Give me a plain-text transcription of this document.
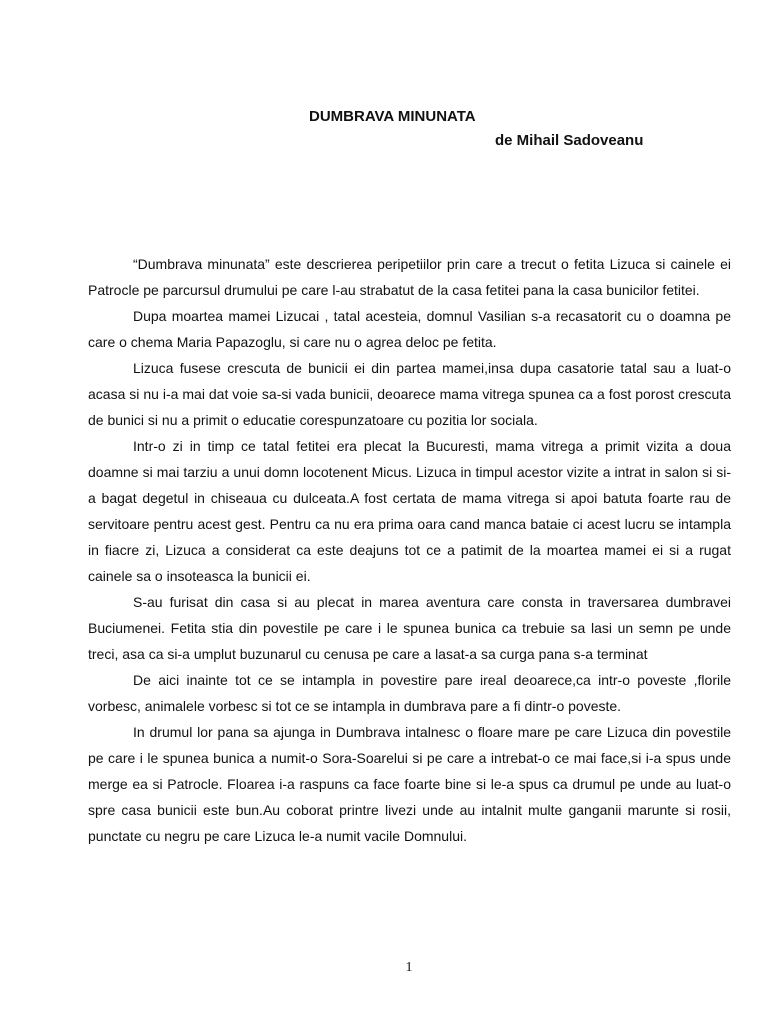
DUMBRAVA MINUNATA
de Mihail Sadoveanu

“Dumbrava minunata” este descrierea peripetiilor prin care a trecut o fetita Lizuca si cainele ei Patrocle pe parcursul drumului pe care l-au strabatut de la casa fetitei pana la casa bunicilor fetitei.

Dupa moartea mamei Lizucai , tatal acesteia, domnul Vasilian s-a recasatorit cu o doamna pe care o chema Maria Papazoglu, si care nu o agrea deloc pe fetita.

Lizuca fusese crescuta de bunicii ei din partea mamei,insa dupa casatorie tatal sau a luat-o acasa si nu i-a mai dat voie sa-si vada bunicii, deoarece mama vitrega spunea ca a fost porost crescuta de bunici si nu a primit o educatie corespunzatoare cu pozitia lor sociala.

Intr-o zi in timp ce tatal fetitei era plecat la Bucuresti, mama vitrega a primit vizita a doua doamne si mai tarziu a unui domn locotenent Micus. Lizuca in timpul acestor vizite a intrat in salon si si-a bagat degetul in chiseaua cu dulceata.A fost certata de mama vitrega si apoi batuta foarte rau de servitoare pentru acest gest. Pentru ca nu era prima oara cand manca bataie ci acest lucru se intampla in fiacre zi, Lizuca a considerat ca este deajuns tot ce a patimit de la moartea mamei ei si a rugat cainele sa o insoteasca la bunicii ei.

S-au furisat din casa si au plecat in marea aventura care consta in traversarea dumbravei Buciumenei. Fetita stia din povestile pe care i le spunea bunica ca trebuie sa lasi un semn pe unde treci, asa ca si-a umplut buzunarul cu cenusa pe care a lasat-a sa curga pana s-a terminat

De aici inainte tot ce se intampla in povestire pare ireal deoarece,ca intr-o poveste ,florile vorbesc, animalele vorbesc si tot ce se intampla in dumbrava pare a fi dintr-o poveste.

In drumul lor pana sa ajunga in Dumbrava intalnesc o floare mare pe care Lizuca din povestile pe care i le spunea bunica a numit-o Sora-Soarelui si pe care a intrebat-o ce mai face,si i-a spus unde merge ea si Patrocle. Floarea i-a raspuns ca face foarte bine si le-a spus ca drumul pe unde au luat-o spre casa bunicii este bun.Au coborat printre livezi unde au intalnit multe ganganii marunte si rosii, punctate cu negru pe care Lizuca le-a numit vacile Domnului.

1
